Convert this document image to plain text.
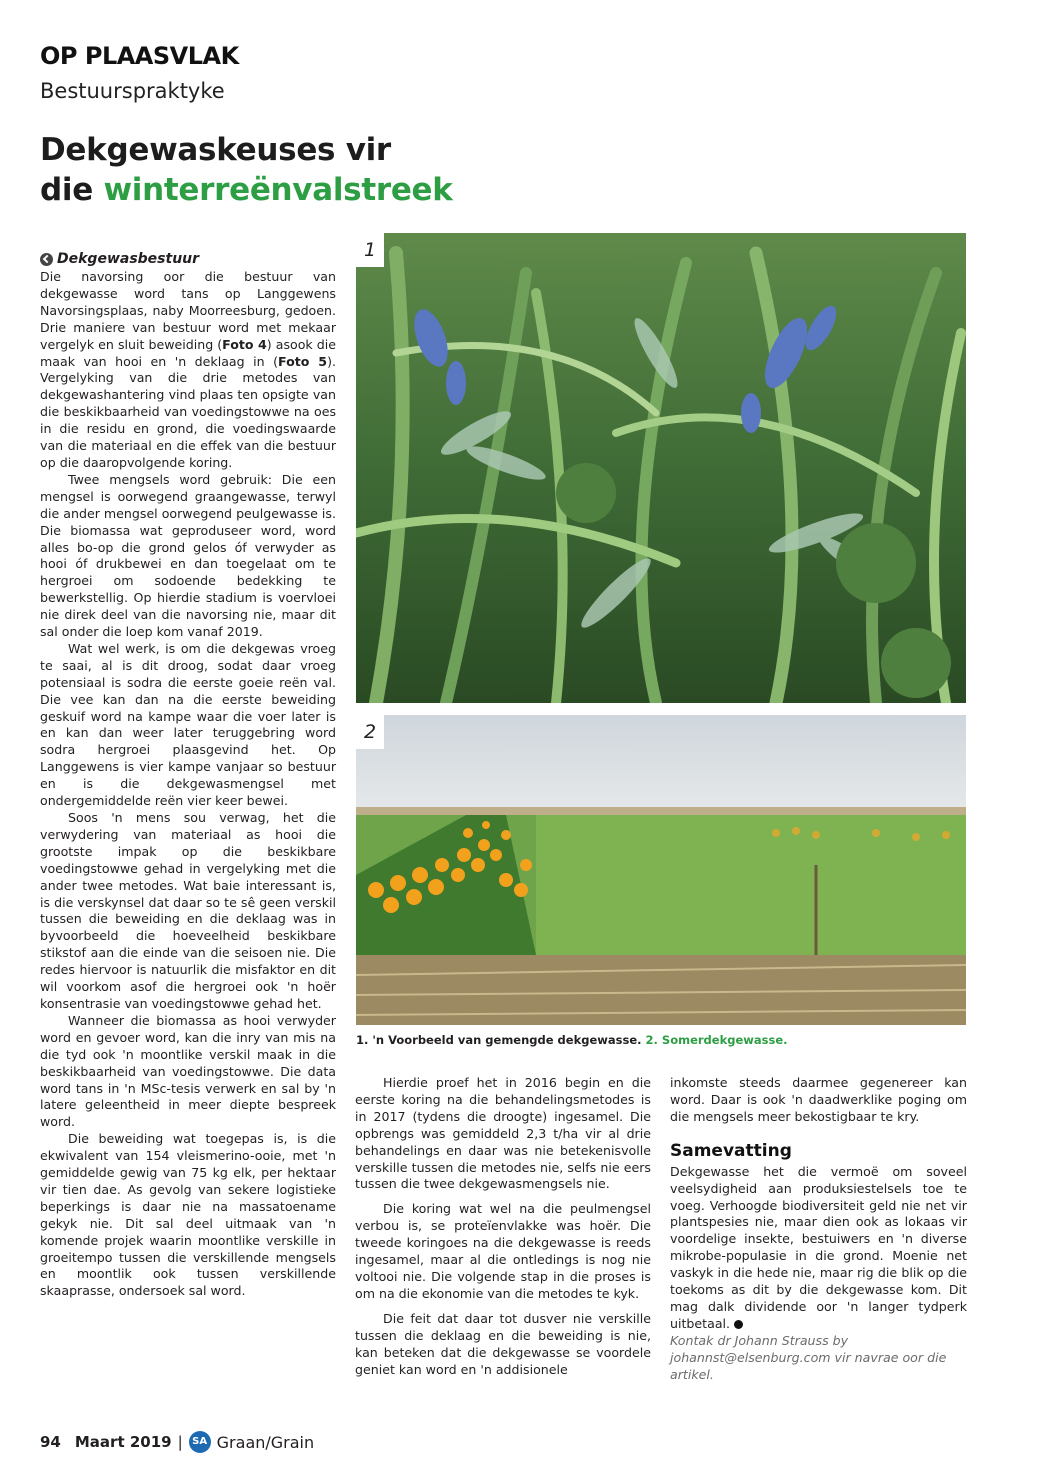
OP PLAASVLAK
Bestuurspraktyke
Dekgewaskeuses vir
die winterreënvalstreek

Dekgewasbestuur

Die navorsing oor die bestuur van dekgewasse word tans op Langgewens Navorsingsplaas, naby Moorreesburg, gedoen. Drie maniere van bestuur word met mekaar vergelyk en sluit beweiding (Foto 4) asook die maak van hooi en 'n deklaag in (Foto 5). Vergelyking van die drie metodes van dekgewashantering vind plaas ten opsigte van die beskikbaarheid van voedingstowwe na oes in die residu en grond, die voedingswaarde van die materiaal en die effek van die bestuur op die daaropvolgende koring.

Twee mengsels word gebruik: Die een mengsel is oorwegend graangewasse, terwyl die ander mengsel oorwegend peulgewasse is. Die biomassa wat geproduseer word, word alles bo-op die grond gelos óf verwyder as hooi óf drukbewei en dan toegelaat om te hergroei om sodoende bedekking te bewerkstellig. Op hierdie stadium is voervloei nie direk deel van die navorsing nie, maar dit sal onder die loep kom vanaf 2019.

Wat wel werk, is om die dekgewas vroeg te saai, al is dit droog, sodat daar vroeg potensiaal is sodra die eerste goeie reën val. Die vee kan dan na die eerste beweiding geskuif word na kampe waar die voer later is en kan dan weer later teruggebring word sodra hergroei plaasgevind het. Op Langgewens is vier kampe vanjaar so bestuur en is die dekgewasmengsel met ondergemiddelde reën vier keer bewei.

Soos 'n mens sou verwag, het die verwydering van materiaal as hooi die grootste impak op die beskikbare voedingstowwe gehad in vergelyking met die ander twee metodes. Wat baie interessant is, is die verskynsel dat daar so te sê geen verskil tussen die beweiding en die deklaag was in byvoorbeeld die hoeveelheid beskikbare stikstof aan die einde van die seisoen nie. Die redes hiervoor is natuurlik die misfaktor en dit wil voorkom asof die hergroei ook 'n hoër konsentrasie van voedingstowwe gehad het.

Wanneer die biomassa as hooi verwyder word en gevoer word, kan die inry van mis na die tyd ook 'n moontlike verskil maak in die beskikbaarheid van voedingstowwe. Die data word tans in 'n MSc-tesis verwerk en sal by 'n latere geleentheid in meer diepte bespreek word.

Die beweiding wat toegepas is, is die ekwivalent van 154 vleismerino-ooie, met 'n gemiddelde gewig van 75 kg elk, per hektaar vir tien dae. As gevolg van sekere logistieke beperkings is daar nie na massatoename gekyk nie. Dit sal deel uitmaak van 'n komende projek waarin moontlike verskille in groeitempo tussen die verskillende mengsels en moontlik ook tussen verskillende skaaprasse, ondersoek sal word.

1
2
1. 'n Voorbeeld van gemengde dekgewasse. 2. Somerdekgewasse.

Hierdie proef het in 2016 begin en die eerste koring na die behandelingsmetodes is in 2017 (tydens die droogte) ingesamel. Die opbrengs was gemiddeld 2,3 t/ha vir al drie behandelings en daar was nie betekenisvolle verskille tussen die metodes nie, selfs nie eers tussen die twee dekgewasmengsels nie.

Die koring wat wel na die peulmengsel verbou is, se proteïenvlakke was hoër. Die tweede koringoes na die dekgewasse is reeds ingesamel, maar al die ontledings is nog nie voltooi nie. Die volgende stap in die proses is om na die ekonomie van die metodes te kyk.

Die feit dat daar tot dusver nie verskille tussen die deklaag en die beweiding is nie, kan beteken dat die dekgewasse se voordele geniet kan word en 'n addisionele

inkomste steeds daarmee gegenereer kan word. Daar is ook 'n daadwerklike poging om die mengsels meer bekostigbaar te kry.

Samevatting

Dekgewasse het die vermoë om soveel veelsydigheid aan produksiestelsels toe te voeg. Verhoogde biodiversiteit geld nie net vir plantspesies nie, maar dien ook as lokaas vir voordelige insekte, bestuiwers en 'n diverse mikrobe-populasie in die grond. Moenie net vaskyk in die hede nie, maar rig die blik op die toekoms as dit by die dekgewasse kom. Dit mag dalk dividende oor 'n langer tydperk uitbetaal.

Kontak dr Johann Strauss by johannst@elsenburg.com vir navrae oor die artikel.

94 Maart 2019 | SA Graan/Grain
